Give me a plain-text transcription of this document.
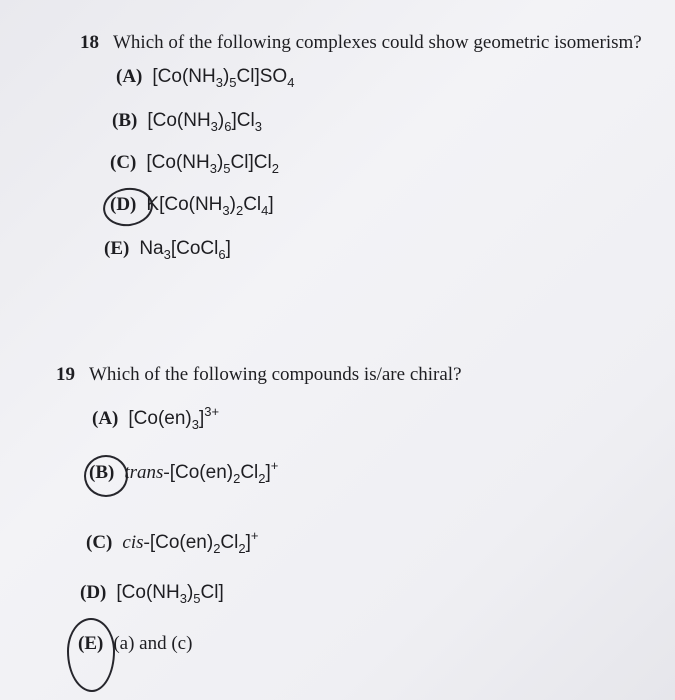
18 Which of the following complexes could show geometric isomerism?
(A) $[Co(NH_3)_5Cl]SO_4$
(B) $[Co(NH_3)_6]Cl_3$
(C) $[Co(NH_3)_5Cl]Cl_2$
(D) $K[Co(NH_3)_2Cl_4]$
(E) $Na_3[CoCl_6]$
19 Which of the following compounds is/are chiral?
(A) $[Co(en)_3]^{3+}$
(B) trans-$[Co(en)_2Cl_2]^+$
(C) cis-$[Co(en)_2Cl_2]^+$
(D) $[Co(NH_3)_5Cl]$
(E) (a) and (c)
